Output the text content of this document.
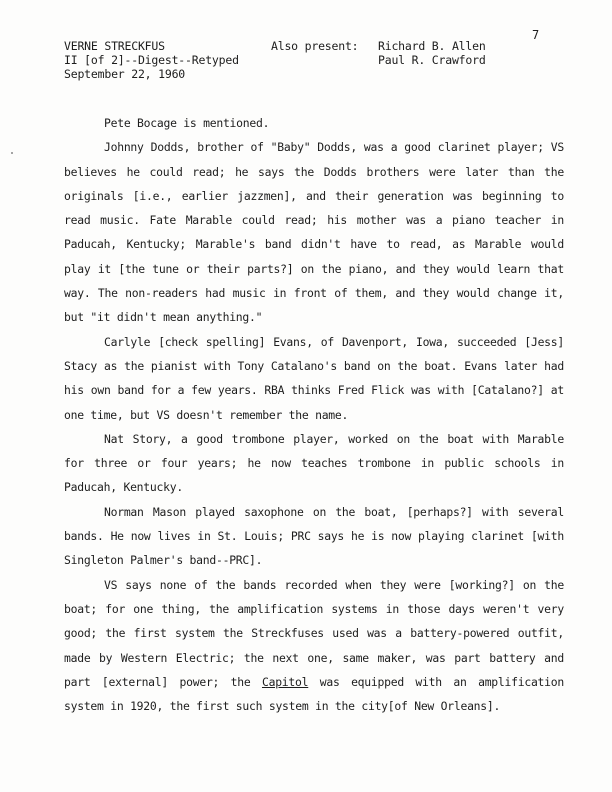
7
VERNE STRECKFUS
II [of 2]--Digest--Retyped
September 22, 1960
Also present: Richard B. Allen
Paul R. Crawford

Pete Bocage is mentioned.

Johnny Dodds, brother of "Baby" Dodds, was a good clarinet player; VS believes he could read; he says the Dodds brothers were later than the originals [i.e., earlier jazzmen], and their generation was beginning to read music. Fate Marable could read; his mother was a piano teacher in Paducah, Kentucky; Marable's band didn't have to read, as Marable would play it [the tune or their parts?] on the piano, and they would learn that way. The non-readers had music in front of them, and they would change it, but "it didn't mean anything."

Carlyle [check spelling] Evans, of Davenport, Iowa, succeeded [Jess] Stacy as the pianist with Tony Catalano's band on the boat. Evans later had his own band for a few years. RBA thinks Fred Flick was with [Catalano?] at one time, but VS doesn't remember the name.

Nat Story, a good trombone player, worked on the boat with Marable for three or four years; he now teaches trombone in public schools in Paducah, Kentucky.

Norman Mason played saxophone on the boat, [perhaps?] with several bands. He now lives in St. Louis; PRC says he is now playing clarinet [with Singleton Palmer's band--PRC].

VS says none of the bands recorded when they were [working?] on the boat; for one thing, the amplification systems in those days weren't very good; the first system the Streckfuses used was a battery-powered outfit, made by Western Electric; the next one, same maker, was part battery and part [external] power; the Capitol was equipped with an amplification system in 1920, the first such system in the city[of New Orleans].
